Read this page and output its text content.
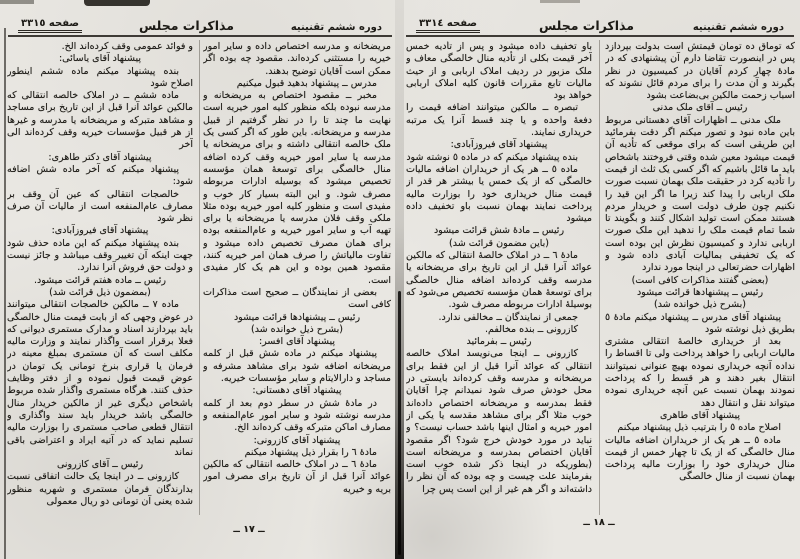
دوره ششم تقنینیه
مذاکرات مجلس
صفحه ٣٣١٤

که توماق ده تومان قیمتش است بدولت بپردازد پس در اینصورت تقاضا دارم آن پیشنهادی که در مادهٔ چهار کردم آقایان در کمیسیون در نظر بگیرند و آن مدت را برای مردم قائل نشوند که اسباب زحمت مالکین بی‌بضاعت بشود

رئیس ــ آقای ملک مدنی

ملک مدنی ــ اظهارات آقای دهستانی مربوط باین ماده نبود و تصور میکنم اگر دقت بفرمائید این طریقی است که برای موقعی که تأدیه آن قیمت میشود معین شده وقتی فروختند باشخاص باید ما قائل باشیم که اگر کسی یک ثلث از قیمت را تأدیه کرد در حقیقت ملک بهمان نسبت صورت ملک اربابی را پیدا کند زیرا ما اگر این قید را نکنیم چون طرف دولت است و خریدار مردم هستند ممکن است تولید اشکال کنند و بگویند تا شما تمام قیمت ملک را ندهید این ملک صورت اربابی ندارد و کمیسیون نظرش این بوده است که یک تخفیفی بمالیات آبادی داده شود و اظهارات حضرتعالی در اینجا مورد ندارد

(بعضی گفتند مذاکرات کافی است)

رئیس ــ پیشنهادها قرائت میشود

(بشرح ذیل خوانده شد)

پیشنهاد آقای مدرس ــ پیشنهاد میکنم مادهٔ ٥ بطریق ذیل نوشته شود

بعد از خریداری خالصهٔ انتقالی مشتری مالیات اربابی را خواهد پرداخت ولی تا اقساط را نداده آنچه خریداری نموده بهیچ عنوانی نمیتوانند انتقال بغیر دهند و هر قسط را که پرداخت نمودند بهمان نسبت عین آنچه خریداری نموده میتواند نقل و انتقال دهد

پیشنهاد آقای طاهری

اصلاح ماده ٥ را بترتیب ذیل پیشنهاد میکنم

ماده ٥ ــ هر یک از خریداران اضافه مالیات منال خالصگی که از یک تا چهار خمس از قیمت منال خریداری خود را بوزارت مالیه پرداخت بهمان نسبت از منال خالصگی

باو تخفیف داده میشود و پس از تأدیه خمس آخر قیمت بکلی از تأدیه منال خالصگی معاف و ملک مزبور در ردیف املاک اربابی و از حیث مالیات تابع مقررات قانون کلیه املاک اربابی خواهد بود

تبصره ــ مالکین میتوانند اضافه قیمت را دفعهٔ واحده و یا چند قسط آنرا یک مرتبه خریداری نمایند.

پیشنهاد آقای فیروزآبادی:

بنده پیشنهاد میکنم که در ماده ٥ نوشته شود

ماده ٥ ــ هر یک از خریداران اضافه مالیات خالصگی که از یک خمس یا بیشتر هر قدر از قیمت منال خریداری خود را بوزارت مالیه پرداخت نمایند بهمان نسبت باو تخفیف داده میشود

رئیس ــ مادهٔ شش قرائت میشود

(باین مضمون قرائت شد)

مادهٔ ٦ ــ در املاک خالصهٔ انتقالی که مالکین عوائد آنرا قبل از این تاریخ برای مریضخانه یا مدرسه وقف کرده‌اند اضافه منال خالصگی برای توسعهٔ همان مؤسسه تخصیص می‌شود که بوسیلهٔ ادارات مربوطه مصرف شود.

جمعی از نمایندگان ــ مخالفی ندارد.

کازرونی ــ بنده مخالفم.

رئیس ــ بفرمائید

کازرونی ــ اینجا می‌نویسد املاک خالصه انتقالی که عوائد آنرا قبل از این فقط برای مریضخانه و مدرسه وقف کرده‌اند بایستی در محل خودش صرف شود نمیدانم چرا آقایان فقط بمدرسه و مریضخانه اختصاص داده‌اند خوب مثلا اگر برای مشاهد مقدسه یا یکی از امور خیریه و امثال اینها باشد حساب نیست؟ و نباید در مورد خودش خرج شود؟ اگر مقصود آقایان اختصاص بمدرسه و مریضخانه است (بطوریکه در اینجا ذکر شده خوب است بفرمایند علت چیست و چه بوده که آن نظر را داشته‌اند و اگر هم غیر از این است پس چرا

ــ ١٨ ــ
دوره ششم تقنینیه
مذاکرات مجلس
صفحه ٣٣١٥

مریضخانه و مدرسه اختصاص داده و سایر امور خیریه را مستثنی کرده‌اند. مقصود چه بوده اگر ممکن است آقایان توضیح بدهند.

مدرس ــ پیشنهاد بدهید قبول میکنیم

مخبر ــ مقصود اختصاص به مریضخانه و مدرسه نبوده بلکه منظور کلیه امور خیریه است نهایت ما چند تا را در نظر گرفتیم از قبیل مدرسه و مریضخانه. باین طور که اگر کسی یک ملک خالصه انتقالی داشته و برای مریضخانه یا مدرسه یا سایر امور خیریه وقف کرده اضافه منال خالصگی برای توسعهٔ همان مؤسسه تخصیص میشود که بوسیله ادارات مربوطه مصرف شود. و این البته بسیار کار خوب و مفیدی است و منظور کلیه امور خیریه بوده مثلا ملکی وقف فلان مدرسه یا مریضخانه یا برای تهیه آب و سایر امور خیریه و عام‌المنفعه بوده برای همان مصرف تخصیص داده میشود و تفاوت مالیاتش را صرف همان امر خیریه کنند، مقصود همین بوده و این هم یک کار مفیدی است.

بعضی از نمایندگان ــ صحیح است مذاکرات کافی است

رئیس ــ پیشنهادها قرائت میشود

(بشرح ذیل خوانده شد)

پیشنهاد آقای افسر:

پیشنهاد میکنم در ماده شش قبل از کلمه مریضخانه اضافه شود برای مشاهد مشرفه و مساجد و دارالایتام و سایر مؤسسات خیریه.

پیشنهاد آقای دهستانی:

در مادهٔ شش در سطر دوم بعد از کلمه مدرسه نوشته شود و سایر امور عام‌المنفعه و مصارف اماکن متبرکه وقف کرده‌اند الخ.

پیشنهاد آقای کازرونی:

مادهٔ ٦ را بقرار ذیل پیشنهاد میکنم

مادهٔ ٦ ــ در املاک خالصه انتقالی که مالکین عوائد آنرا قبل از آن تاریخ برای مصرف امور بریه و خیریه

و فوائد عمومی وقف کرده‌اند الخ.

پیشنهاد آقای یاسائی:

بنده پیشنهاد میکنم ماده ششم اینطور اصلاح شود

ماده ششم ــ در املاک خالصه انتقالی که مالکین عوائد آنرا قبل از این تاریخ برای مساجد و مشاهد متبرکه و مریضخانه یا مدرسه و غیرها از هر قبیل مؤسسات خیریه وقف کرده‌اند الی آخر

پیشنهاد آقای دکتر طاهری:

پیشنهاد میکنم که آخر ماده شش اضافه شود:

خالصجات انتقالی که عین آن وقف بر مصارف عام‌المنفعه است از مالیات آن صرف نظر شود

پیشنهاد آقای فیروزآبادی:

بنده پیشنهاد میکنم که این ماده حذف شود جهت اینکه آن تغییر وقف میباشد و جائز نیست و دولت حق فروش آنرا ندارد.

رئیس ــ ماده هفتم قرائت میشود.

(بمضمون ذیل قرائت شد)

ماده ٧ ــ مالکین خالصجات انتقالی میتوانند در عوض وجهی که از بابت قیمت منال خالصگی باید بپردازند اسناد و مدارک مستمری دیوانی که فعلا برقرار است واگذار نمایند و وزارت مالیه مکلف است که آن مستمری بمبلغ معینه در فرمان یا قراری بنرخ تومانی یک تومان در عوض قیمت قبول نموده و از دفتر وظایف حذف کنند. هرگاه مستمری واگذار شده مربوط باشخاص دیگری غیر از مالکین خریدار منال خالصگی باشد خریدار باید سند واگذاری و انتقال قطعی صاحب مستمری را بوزارت مالیه تسلیم نماید که در آتیه ایراد و اعتراضی باقی نماند

رئیس ــ آقای کازرونی

کازرونی ــ در اینجا یک حالت اتفاقی نسبت بدارندگان فرمان مستمری و شهریه منظور شده یعنی آن تومانی دو ریال معمولی

ــ ١٧ ــ
